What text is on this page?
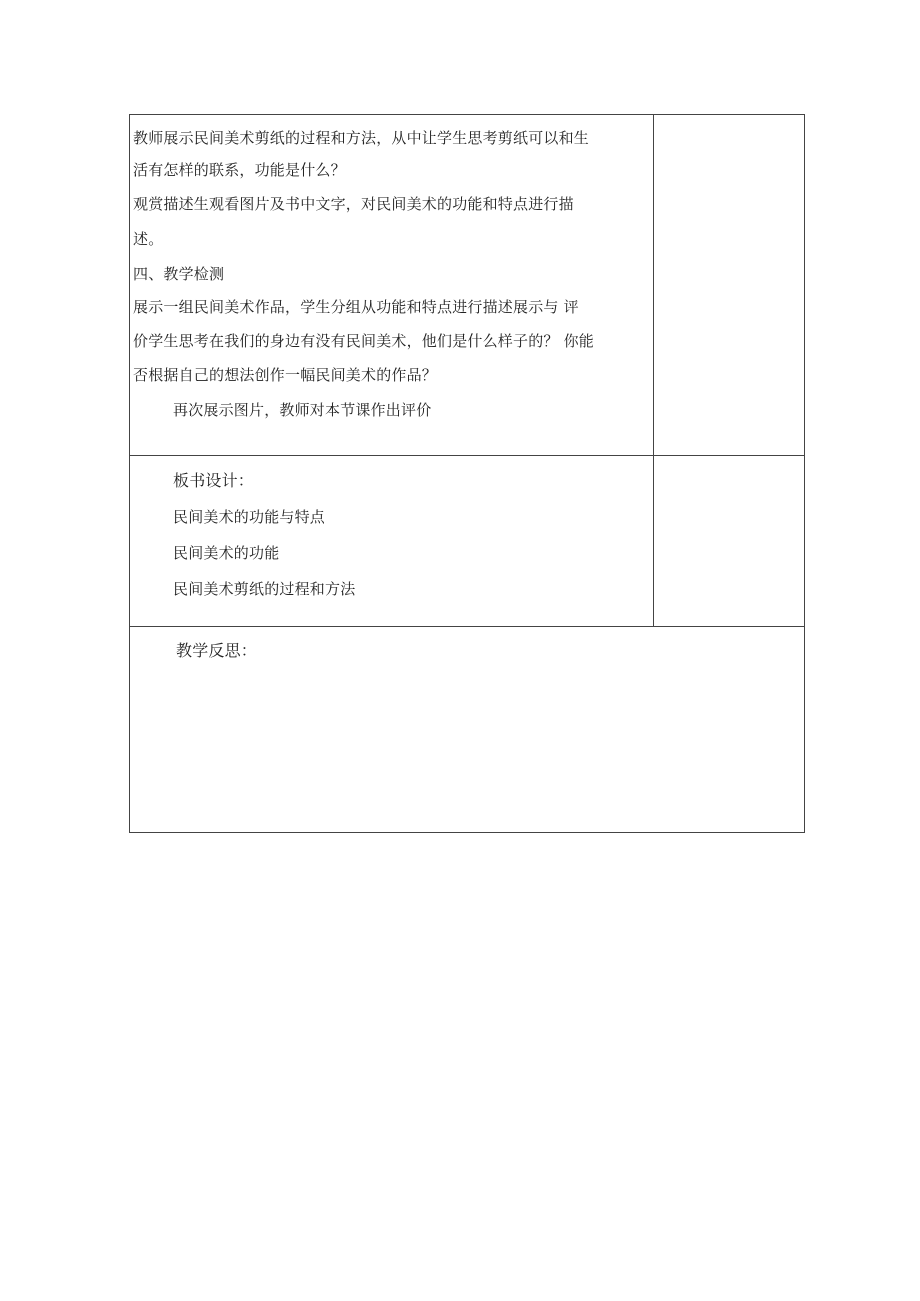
教师展示民间美术剪纸的过程和方法，从中让学生思考剪纸可以和生
活有怎样的联系，功能是什么？
观赏描述生观看图片及书中文字，对民间美术的功能和特点进行描
述。
四、教学检测
展示一组民间美术作品，学生分组从功能和特点进行描述展示与 评
价学生思考在我们的身边有没有民间美术，他们是什么样子的？ 你能
否根据自己的想法创作一幅民间美术的作品？
再次展示图片，教师对本节课作出评价
板书设计：
民间美术的功能与特点
民间美术的功能
民间美术剪纸的过程和方法
教学反思：
